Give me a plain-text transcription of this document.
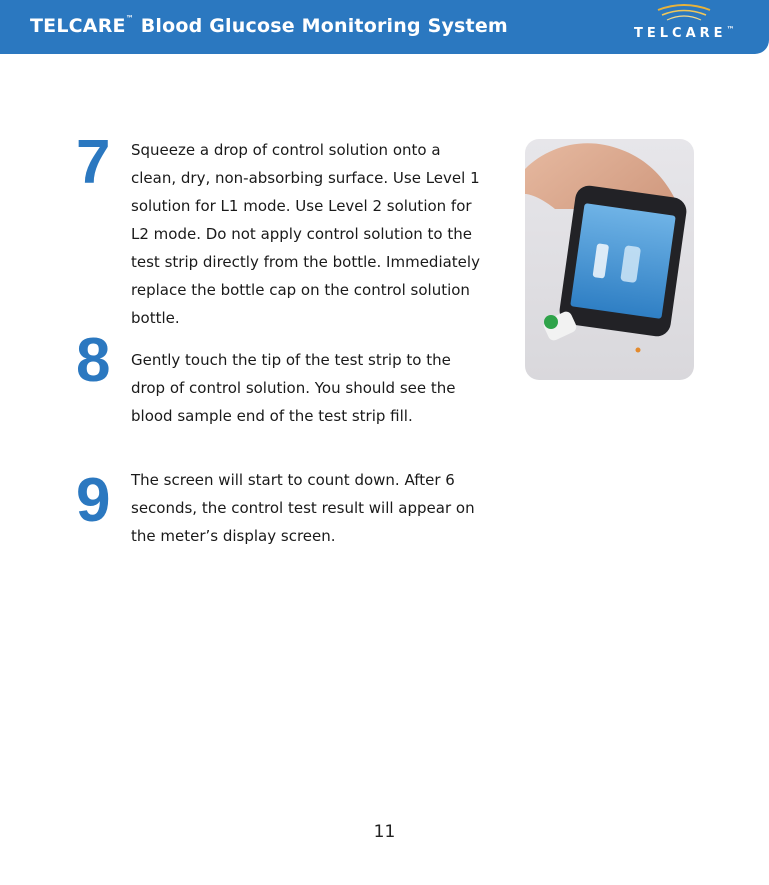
TELCARE™ Blood Glucose Monitoring System	TELCARE™
7 Squeeze a drop of control solution onto a clean, dry, non-absorbing surface. Use Level 1 solution for L1 mode. Use Level 2 solution for L2 mode. Do not apply control solution to the test strip directly from the bottle. Immediately replace the bottle cap on the control solution bottle.
8 Gently touch the tip of the test strip to the drop of control solution. You should see the blood sample end of the test strip fill.
9 The screen will start to count down. After 6 seconds, the control test result will appear on the meter’s display screen.
11
